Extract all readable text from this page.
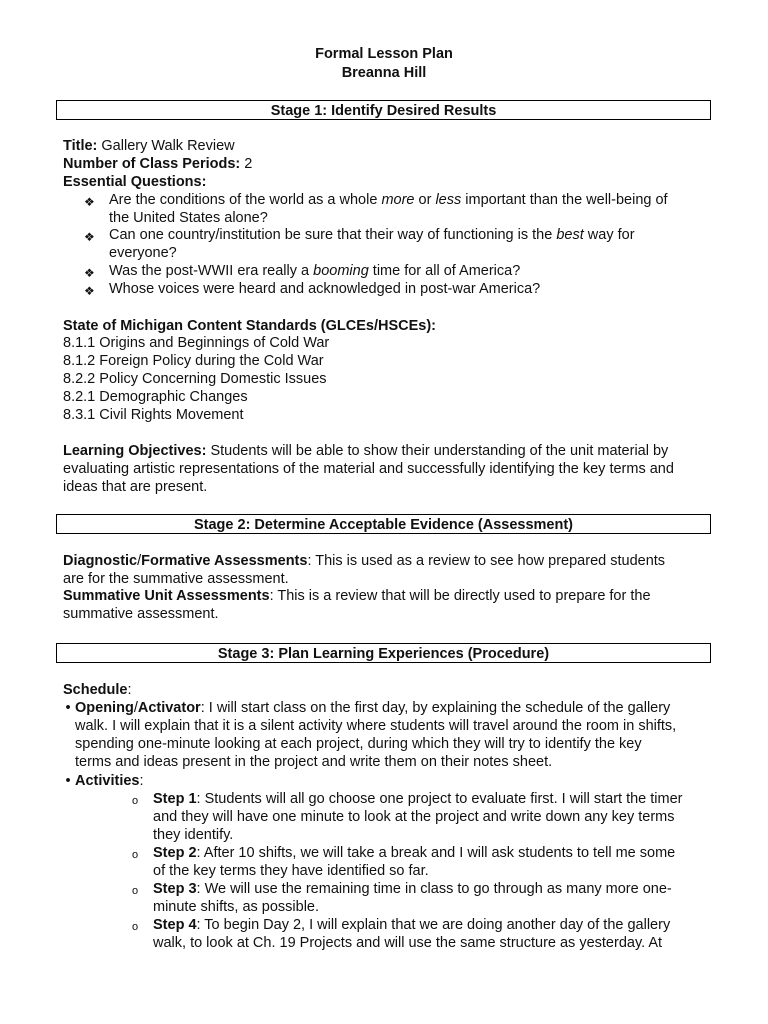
Formal Lesson Plan
Breanna Hill
Stage 1: Identify Desired Results
Title: Gallery Walk Review
Number of Class Periods: 2
Essential Questions:
❖ Are the conditions of the world as a whole more or less important than the well-being of
the United States alone?
❖ Can one country/institution be sure that their way of functioning is the best way for
everyone?
❖ Was the post-WWII era really a booming time for all of America?
❖ Whose voices were heard and acknowledged in post-war America?
State of Michigan Content Standards (GLCEs/HSCEs):
8.1.1 Origins and Beginnings of Cold War
8.1.2 Foreign Policy during the Cold War
8.2.2 Policy Concerning Domestic Issues
8.2.1 Demographic Changes
8.3.1 Civil Rights Movement
Learning Objectives: Students will be able to show their understanding of the unit material by
evaluating artistic representations of the material and successfully identifying the key terms and
ideas that are present.
Stage 2: Determine Acceptable Evidence (Assessment)
Diagnostic/Formative Assessments: This is used as a review to see how prepared students
are for the summative assessment.
Summative Unit Assessments: This is a review that will be directly used to prepare for the
summative assessment.
Stage 3: Plan Learning Experiences (Procedure)
Schedule:
• Opening/Activator: I will start class on the first day, by explaining the schedule of the gallery
walk. I will explain that it is a silent activity where students will travel around the room in shifts,
spending one-minute looking at each project, during which they will try to identify the key
terms and ideas present in the project and write them on their notes sheet.
• Activities:
o Step 1: Students will all go choose one project to evaluate first. I will start the timer
and they will have one minute to look at the project and write down any key terms
they identify.
o Step 2: After 10 shifts, we will take a break and I will ask students to tell me some
of the key terms they have identified so far.
o Step 3: We will use the remaining time in class to go through as many more one-
minute shifts, as possible.
o Step 4: To begin Day 2, I will explain that we are doing another day of the gallery
walk, to look at Ch. 19 Projects and will use the same structure as yesterday. At
